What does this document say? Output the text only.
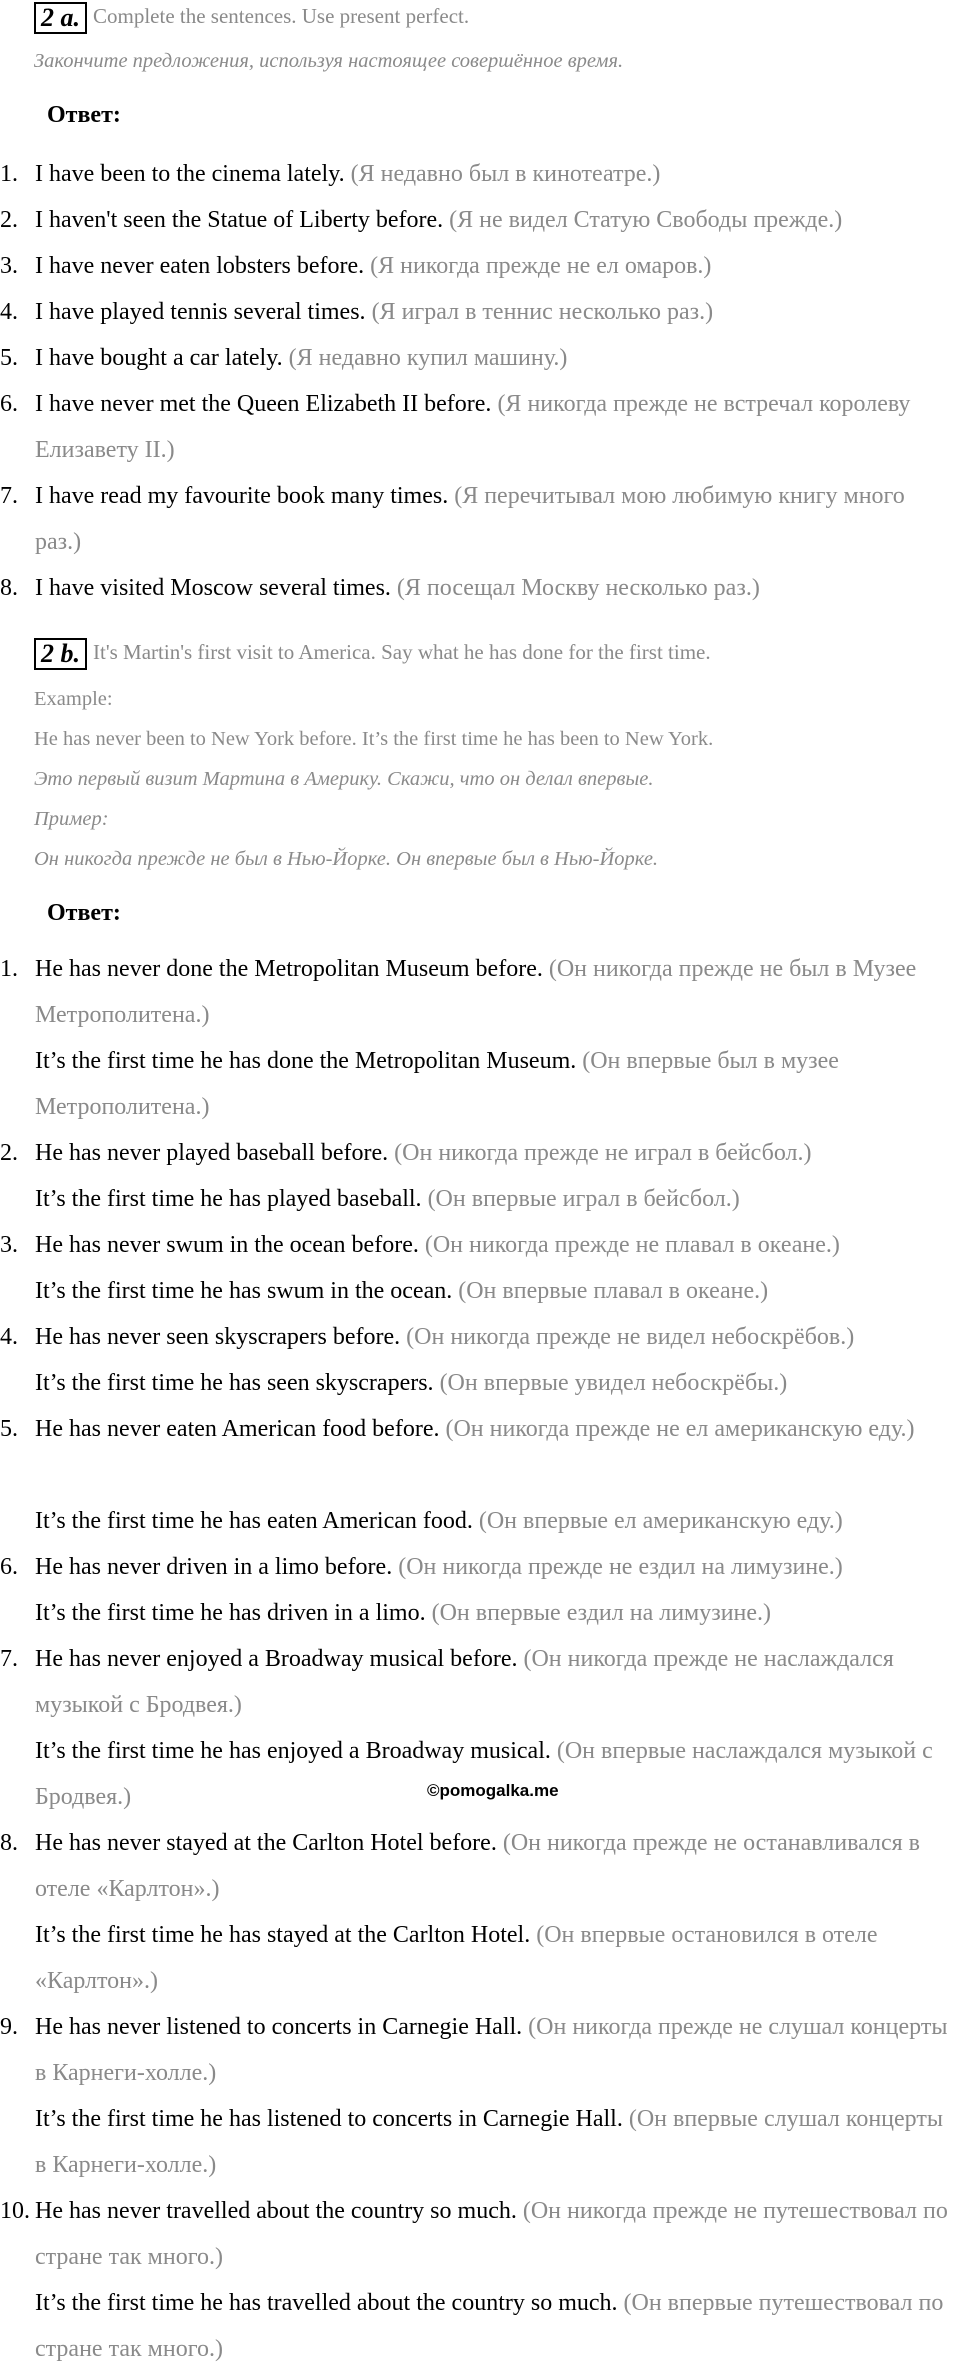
2 a. Complete the sentences. Use present perfect.
Закончите предложения, используя настоящее совершённое время.
Ответ:
1. I have been to the cinema lately. (Я недавно был в кинотеатре.)
2. I haven't seen the Statue of Liberty before. (Я не видел Статую Свободы прежде.)
3. I have never eaten lobsters before. (Я никогда прежде не ел омаров.)
4. I have played tennis several times. (Я играл в теннис несколько раз.)
5. I have bought a car lately. (Я недавно купил машину.)
6. I have never met the Queen Elizabeth II before. (Я никогда прежде не встречал королеву Елизавету II.)
7. I have read my favourite book many times. (Я перечитывал мою любимую книгу много раз.)
8. I have visited Moscow several times. (Я посещал Москву несколько раз.)
2 b. It's Martin's first visit to America. Say what he has done for the first time.
Example:
He has never been to New York before. It’s the first time he has been to New York.
Это первый визит Мартина в Америку. Скажи, что он делал впервые.
Пример:
Он никогда прежде не был в Нью-Йорке. Он впервые был в Нью-Йорке.
Ответ:
1. He has never done the Metropolitan Museum before. (Он никогда прежде не был в Музее Метрополитена.)
It’s the first time he has done the Metropolitan Museum. (Он впервые был в музее Метрополитена.)
2. He has never played baseball before. (Он никогда прежде не играл в бейсбол.)
It’s the first time he has played baseball. (Он впервые играл в бейсбол.)
3. He has never swum in the ocean before. (Он никогда прежде не плавал в океане.)
It’s the first time he has swum in the ocean. (Он впервые плавал в океане.)
4. He has never seen skyscrapers before. (Он никогда прежде не видел небоскрёбов.)
It’s the first time he has seen skyscrapers. (Он впервые увидел небоскрёбы.)
5. He has never eaten American food before. (Он никогда прежде не ел американскую еду.)
It’s the first time he has eaten American food. (Он впервые ел американскую еду.)
6. He has never driven in a limo before. (Он никогда прежде не ездил на лимузине.)
It’s the first time he has driven in a limo. (Он впервые ездил на лимузине.)
7. He has never enjoyed a Broadway musical before. (Он никогда прежде не наслаждался музыкой с Бродвея.)
It’s the first time he has enjoyed a Broadway musical. (Он впервые наслаждался музыкой с Бродвея.)
8. He has never stayed at the Carlton Hotel before. (Он никогда прежде не останавливался в отеле «Карлтон».)
It’s the first time he has stayed at the Carlton Hotel. (Он впервые остановился в отеле «Карлтон».)
9. He has never listened to concerts in Carnegie Hall. (Он никогда прежде не слушал концерты в Карнеги-холле.)
It’s the first time he has listened to concerts in Carnegie Hall. (Он впервые слушал концерты в Карнеги-холле.)
10. He has never travelled about the country so much. (Он никогда прежде не путешествовал по стране так много.)
It’s the first time he has travelled about the country so much. (Он впервые путешествовал по стране так много.)
©pomogalka.me
